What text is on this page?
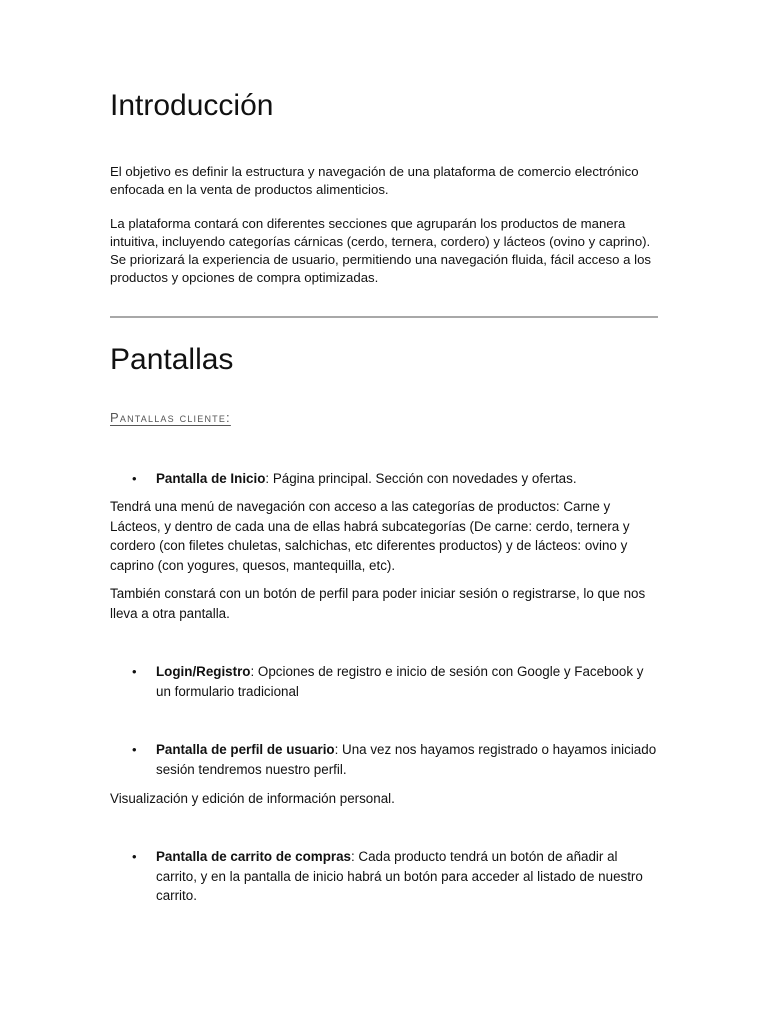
Introducción

El objetivo es definir la estructura y navegación de una plataforma de comercio electrónico enfocada en la venta de productos alimenticios.

La plataforma contará con diferentes secciones que agruparán los productos de manera intuitiva, incluyendo categorías cárnicas (cerdo, ternera, cordero) y lácteos (ovino y caprino). Se priorizará la experiencia de usuario, permitiendo una navegación fluida, fácil acceso a los productos y opciones de compra optimizadas.

Pantallas
Pantallas cliente:
• Pantalla de Inicio: Página principal. Sección con novedades y ofertas.

Tendrá una menú de navegación con acceso a las categorías de productos: Carne y Lácteos, y dentro de cada una de ellas habrá subcategorías (De carne: cerdo, ternera y cordero (con filetes chuletas, salchichas, etc diferentes productos) y de lácteos: ovino y caprino (con yogures, quesos, mantequilla, etc).

También constará con un botón de perfil para poder iniciar sesión o registrarse, lo que nos lleva a otra pantalla.

• Login/Registro: Opciones de registro e inicio de sesión con Google y Facebook y un formulario tradicional
• Pantalla de perfil de usuario: Una vez nos hayamos registrado o hayamos iniciado sesión tendremos nuestro perfil.

Visualización y edición de información personal.

• Pantalla de carrito de compras: Cada producto tendrá un botón de añadir al carrito, y en la pantalla de inicio habrá un botón para acceder al listado de nuestro carrito.
